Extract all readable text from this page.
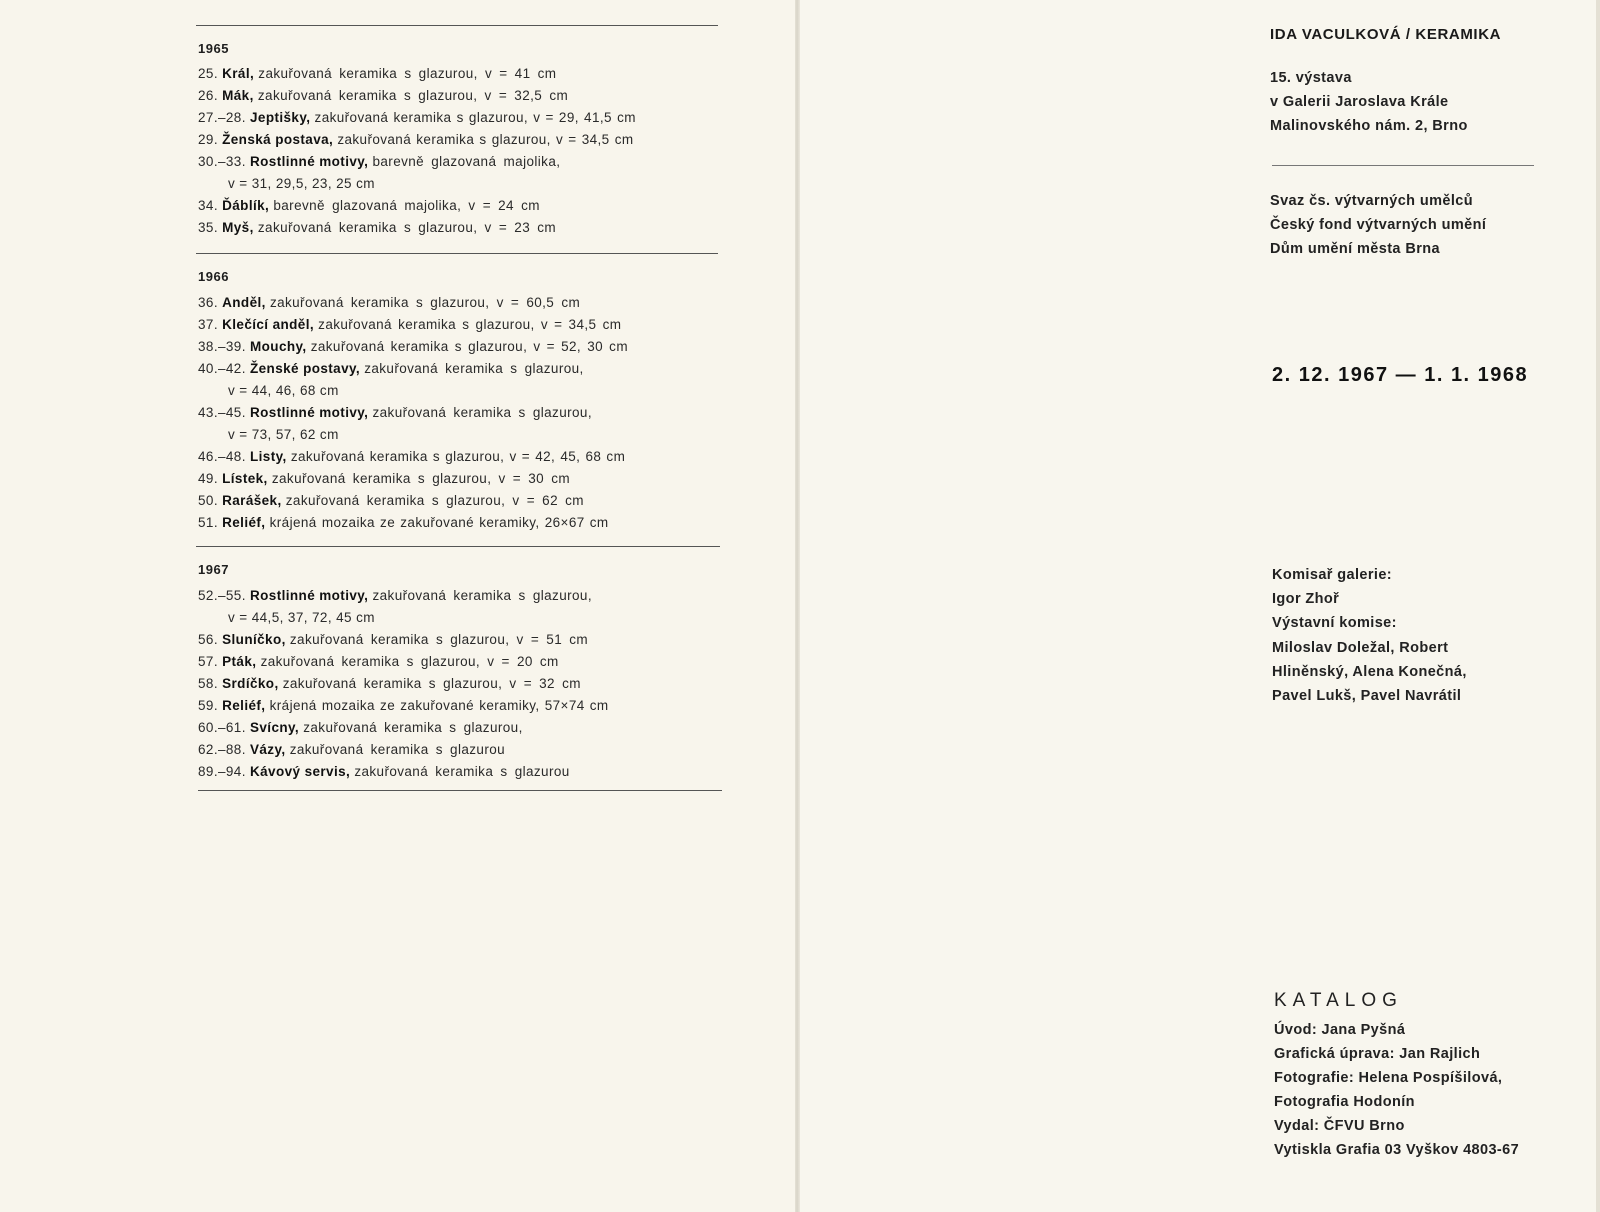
1965
25. Král, zakuřovaná keramika s glazurou, v = 41 cm
26. Mák, zakuřovaná keramika s glazurou, v = 32,5 cm
27.–28. Jeptišky, zakuřovaná keramika s glazurou, v = 29, 41,5 cm
29. Ženská postava, zakuřovaná keramika s glazurou, v = 34,5 cm
30.–33. Rostlinné motivy, barevně glazovaná majolika,
v = 31, 29,5, 23, 25 cm
34. Ďáblík, barevně glazovaná majolika, v = 24 cm
35. Myš, zakuřovaná keramika s glazurou, v = 23 cm
1966
36. Anděl, zakuřovaná keramika s glazurou, v = 60,5 cm
37. Klečící anděl, zakuřovaná keramika s glazurou, v = 34,5 cm
38.–39. Mouchy, zakuřovaná keramika s glazurou, v = 52, 30 cm
40.–42. Ženské postavy, zakuřovaná keramika s glazurou,
v = 44, 46, 68 cm
43.–45. Rostlinné motivy, zakuřovaná keramika s glazurou,
v = 73, 57, 62 cm
46.–48. Listy, zakuřovaná keramika s glazurou, v = 42, 45, 68 cm
49. Lístek, zakuřovaná keramika s glazurou, v = 30 cm
50. Rarášek, zakuřovaná keramika s glazurou, v = 62 cm
51. Reliéf, krájená mozaika ze zakuřované keramiky, 26×67 cm
1967
52.–55. Rostlinné motivy, zakuřovaná keramika s glazurou,
v = 44,5, 37, 72, 45 cm
56. Sluníčko, zakuřovaná keramika s glazurou, v = 51 cm
57. Pták, zakuřovaná keramika s glazurou, v = 20 cm
58. Srdíčko, zakuřovaná keramika s glazurou, v = 32 cm
59. Reliéf, krájená mozaika ze zakuřované keramiky, 57×74 cm
60.–61. Svícny, zakuřovaná keramika s glazurou,
62.–88. Vázy, zakuřovaná keramika s glazurou
89.–94. Kávový servis, zakuřovaná keramika s glazurou
IDA VACULKOVÁ / KERAMIKA
15. výstava
v Galerii Jaroslava Krále
Malinovského nám. 2, Brno
Svaz čs. výtvarných umělců
Český fond výtvarných umění
Dům umění města Brna
2. 12. 1967 — 1. 1. 1968
Komisař galerie:
Igor Zhoř
Výstavní komise:
Miloslav Doležal, Robert
Hliněnský, Alena Konečná,
Pavel Lukš, Pavel Navrátil
KATALOG
Úvod: Jana Pyšná
Grafická úprava: Jan Rajlich
Fotografie: Helena Pospíšilová,
Fotografia Hodonín
Vydal: ČFVU Brno
Vytiskla Grafia 03 Vyškov 4803-67
